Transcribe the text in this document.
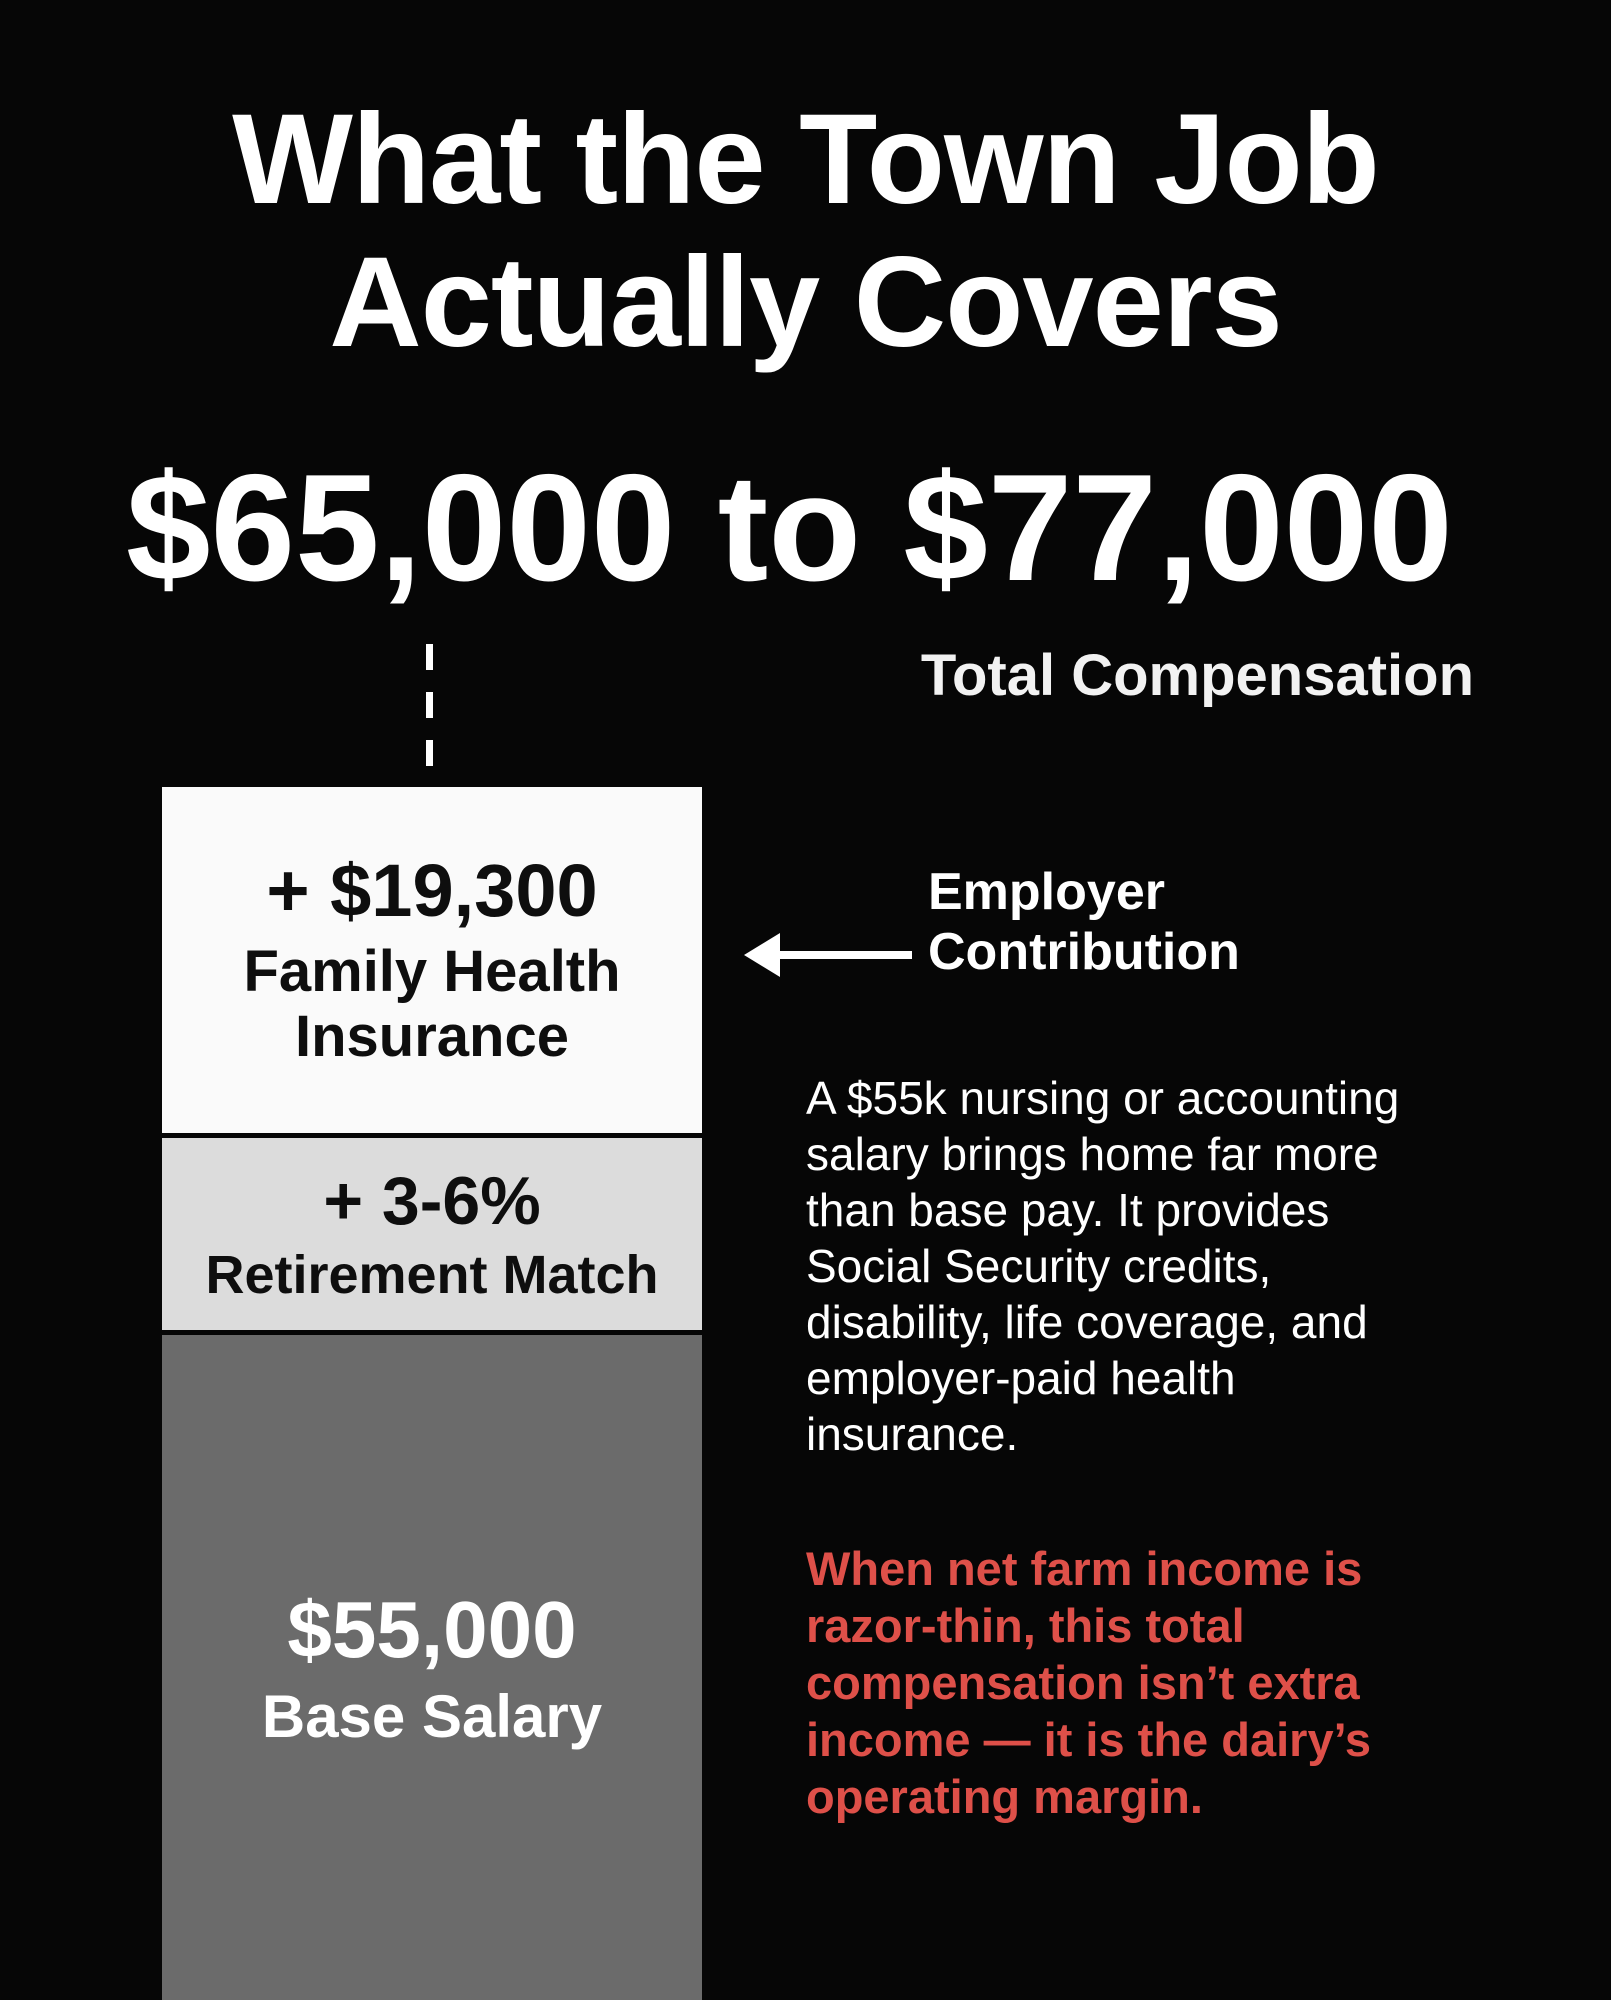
What the Town Job
Actually Covers
$65,000 to $77,000
Total Compensation
+ $19,300
Family Health Insurance
+ 3-6%
Retirement Match
$55,000
Base Salary
Employer
Contribution

A $55k nursing or accounting salary brings home far more than base pay. It provides Social Security credits, disability, life coverage, and employer-paid health insurance.

When net farm income is razor-thin, this total compensation isn’t extra income — it is the dairy’s operating margin.
